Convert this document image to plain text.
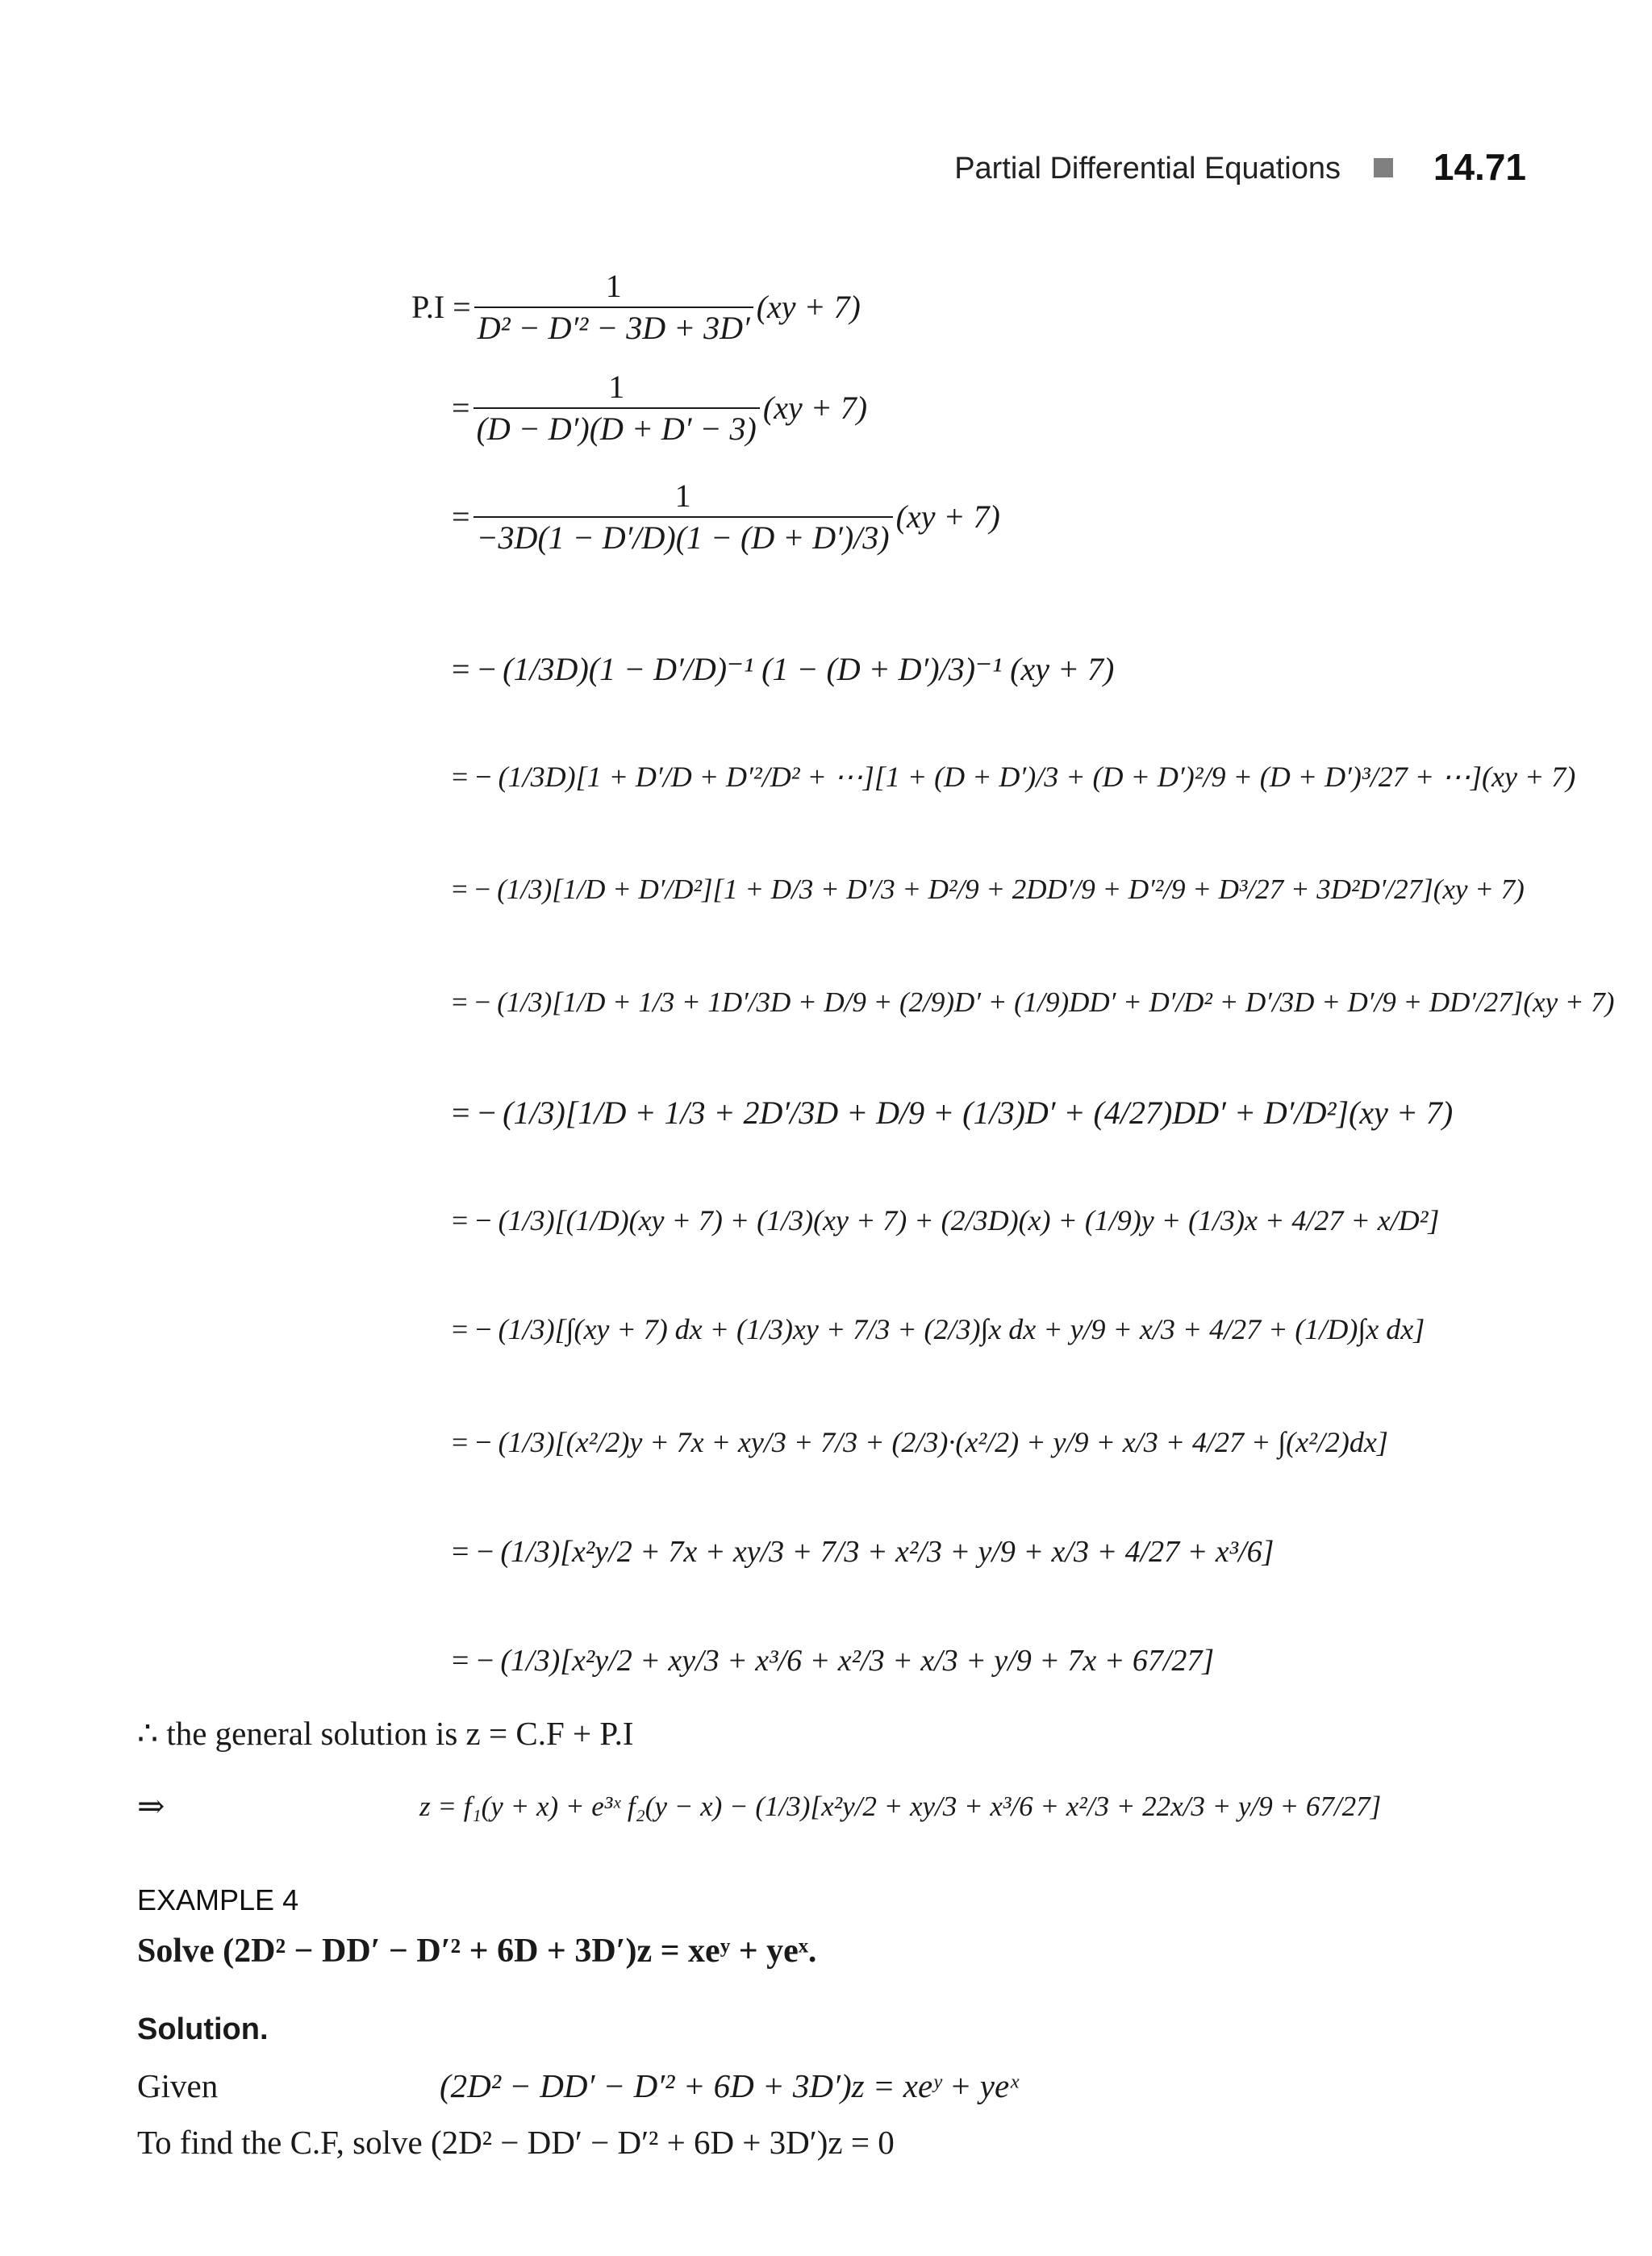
Partial Differential Equations 14.71
$P.I = \frac{1}{\text{D² − D′² − 3D + 3D′}} (xy + 7)$
= $\frac{1}{(D - D')(D + D' - 3)} (xy + 7)$
= $\frac{1}{-3D(1 - D'/D)(1 - (D + D')/3)} (xy + 7)$
= − (1/3D)(1 − D′/D)⁻¹ (1 − (D + D′)/3)⁻¹ (xy + 7)
= − (1/3D)[1 + D′/D + D′²/D² + ⋯][1 + (D + D′)/3 + (D + D′)²/9 + (D + D′)³/27 + ⋯](xy + 7)
= − (1/3)[1/D + D′/D²][1 + D/3 + D′/3 + D²/9 + 2DD′/9 + D′²/9 + D³/27 + 3D²D′/27](xy + 7)
= − (1/3)[1/D + 1/3 + 1D′/3D + D/9 + (2/9)D′ + (1/9)DD′ + D′/D² + D′/3D + D′/9 + DD′/27](xy + 7)
= − (1/3)[1/D + 1/3 + 2D′/3D + D/9 + (1/3)D′ + (4/27)DD′ + D′/D²](xy + 7)
= − (1/3)[(1/D)(xy + 7) + (1/3)(xy + 7) + (2/3D)(x) + (1/9)y + (1/3)x + 4/27 + x/D²]
= − (1/3)[∫(xy + 7) dx + (1/3)xy + 7/3 + (2/3)∫x dx + y/9 + x/3 + 4/27 + (1/D)∫x dx]
= − (1/3)[(x²/2)y + 7x + xy/3 + 7/3 + (2/3)·(x²/2) + y/9 + x/3 + 4/27 + ∫(x²/2)dx]
= − (1/3)[x²y/2 + 7x + xy/3 + 7/3 + x²/3 + y/9 + x/3 + 4/27 + x³/6]
= − (1/3)[x²y/2 + xy/3 + x³/6 + x²/3 + x/3 + y/9 + 7x + 67/27]
∴ the general solution is z = C.F + P.I
⇒	z = f₁(y + x) + e³ˣ f₂(y − x) − (1/3)[x²y/2 + xy/3 + x³/6 + x²/3 + 22x/3 + y/9 + 67/27]
EXAMPLE 4
Solve (2D² − DD′ − D′² + 6D + 3D′)z = xeʸ + yeˣ.
Solution.
Given	(2D² − DD′ − D′² + 6D + 3D′)z = xeʸ + yeˣ
To find the C.F, solve (2D² − DD′ − D′² + 6D + 3D′)z = 0
